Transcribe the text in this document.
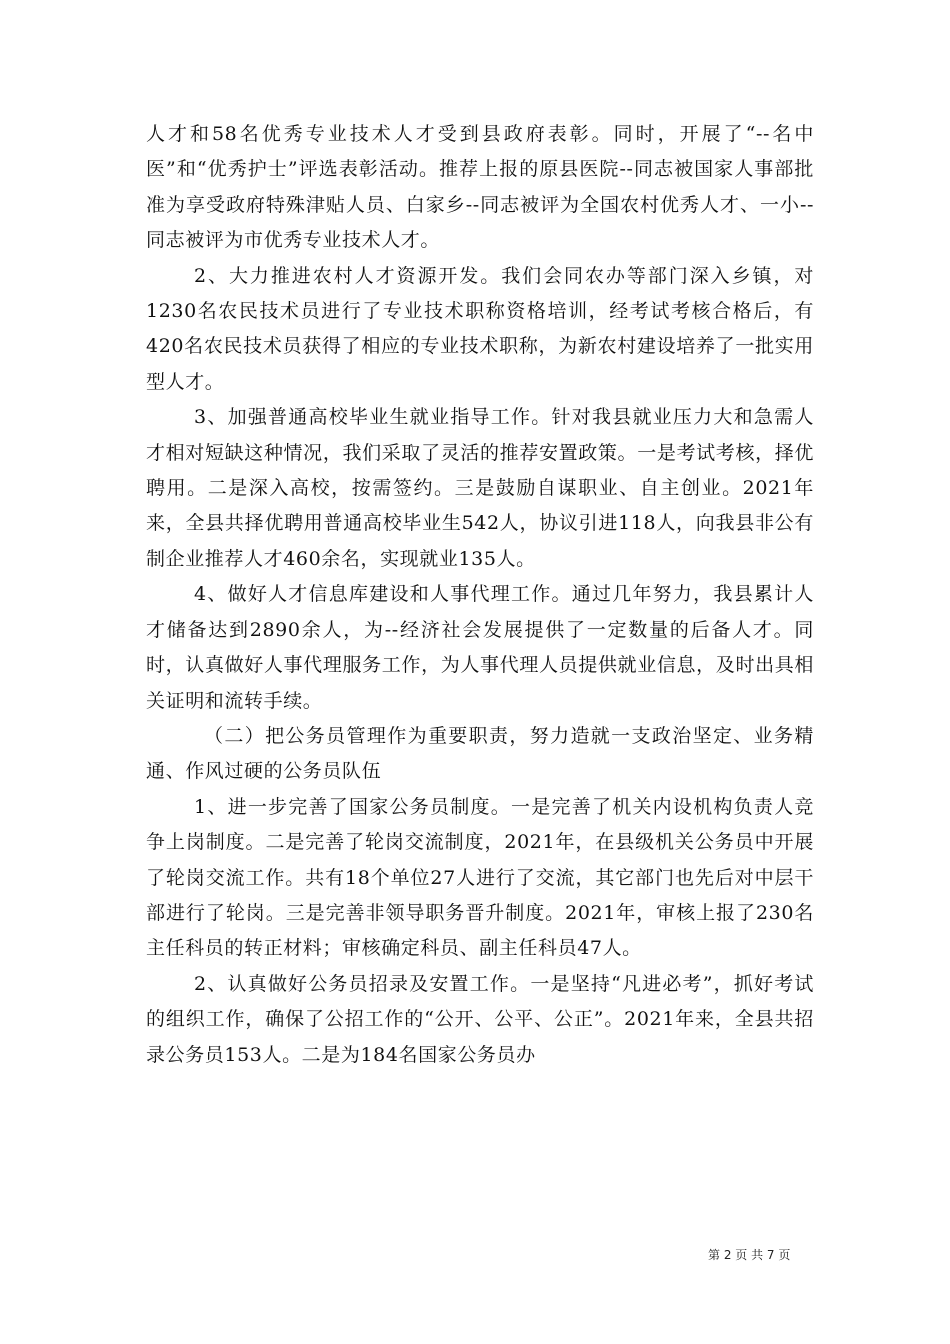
人才和58名优秀专业技术人才受到县政府表彰。同时，开展了“--名中医”和“优秀护士”评选表彰活动。推荐上报的原县医院--同志被国家人事部批准为享受政府特殊津贴人员、白家乡--同志被评为全国农村优秀人才、一小--同志被评为市优秀专业技术人才。

2、大力推进农村人才资源开发。我们会同农办等部门深入乡镇，对1230名农民技术员进行了专业技术职称资格培训，经考试考核合格后，有420名农民技术员获得了相应的专业技术职称，为新农村建设培养了一批实用型人才。

3、加强普通高校毕业生就业指导工作。针对我县就业压力大和急需人才相对短缺这种情况，我们采取了灵活的推荐安置政策。一是考试考核，择优聘用。二是深入高校，按需签约。三是鼓励自谋职业、自主创业。2021年来，全县共择优聘用普通高校毕业生542人，协议引进118人，向我县非公有制企业推荐人才460余名，实现就业135人。

4、做好人才信息库建设和人事代理工作。通过几年努力，我县累计人才储备达到2890余人，为--经济社会发展提供了一定数量的后备人才。同时，认真做好人事代理服务工作，为人事代理人员提供就业信息，及时出具相关证明和流转手续。

（二）把公务员管理作为重要职责，努力造就一支政治坚定、业务精通、作风过硬的公务员队伍

1、进一步完善了国家公务员制度。一是完善了机关内设机构负责人竞争上岗制度。二是完善了轮岗交流制度，2021年，在县级机关公务员中开展了轮岗交流工作。共有18个单位27人进行了交流，其它部门也先后对中层干部进行了轮岗。三是完善非领导职务晋升制度。2021年，审核上报了230名主任科员的转正材料；审核确定科员、副主任科员47人。

2、认真做好公务员招录及安置工作。一是坚持“凡进必考”，抓好考试的组织工作，确保了公招工作的“公开、公平、公正”。2021年来，全县共招录公务员153人。二是为184名国家公务员办

第 2 页 共 7 页
